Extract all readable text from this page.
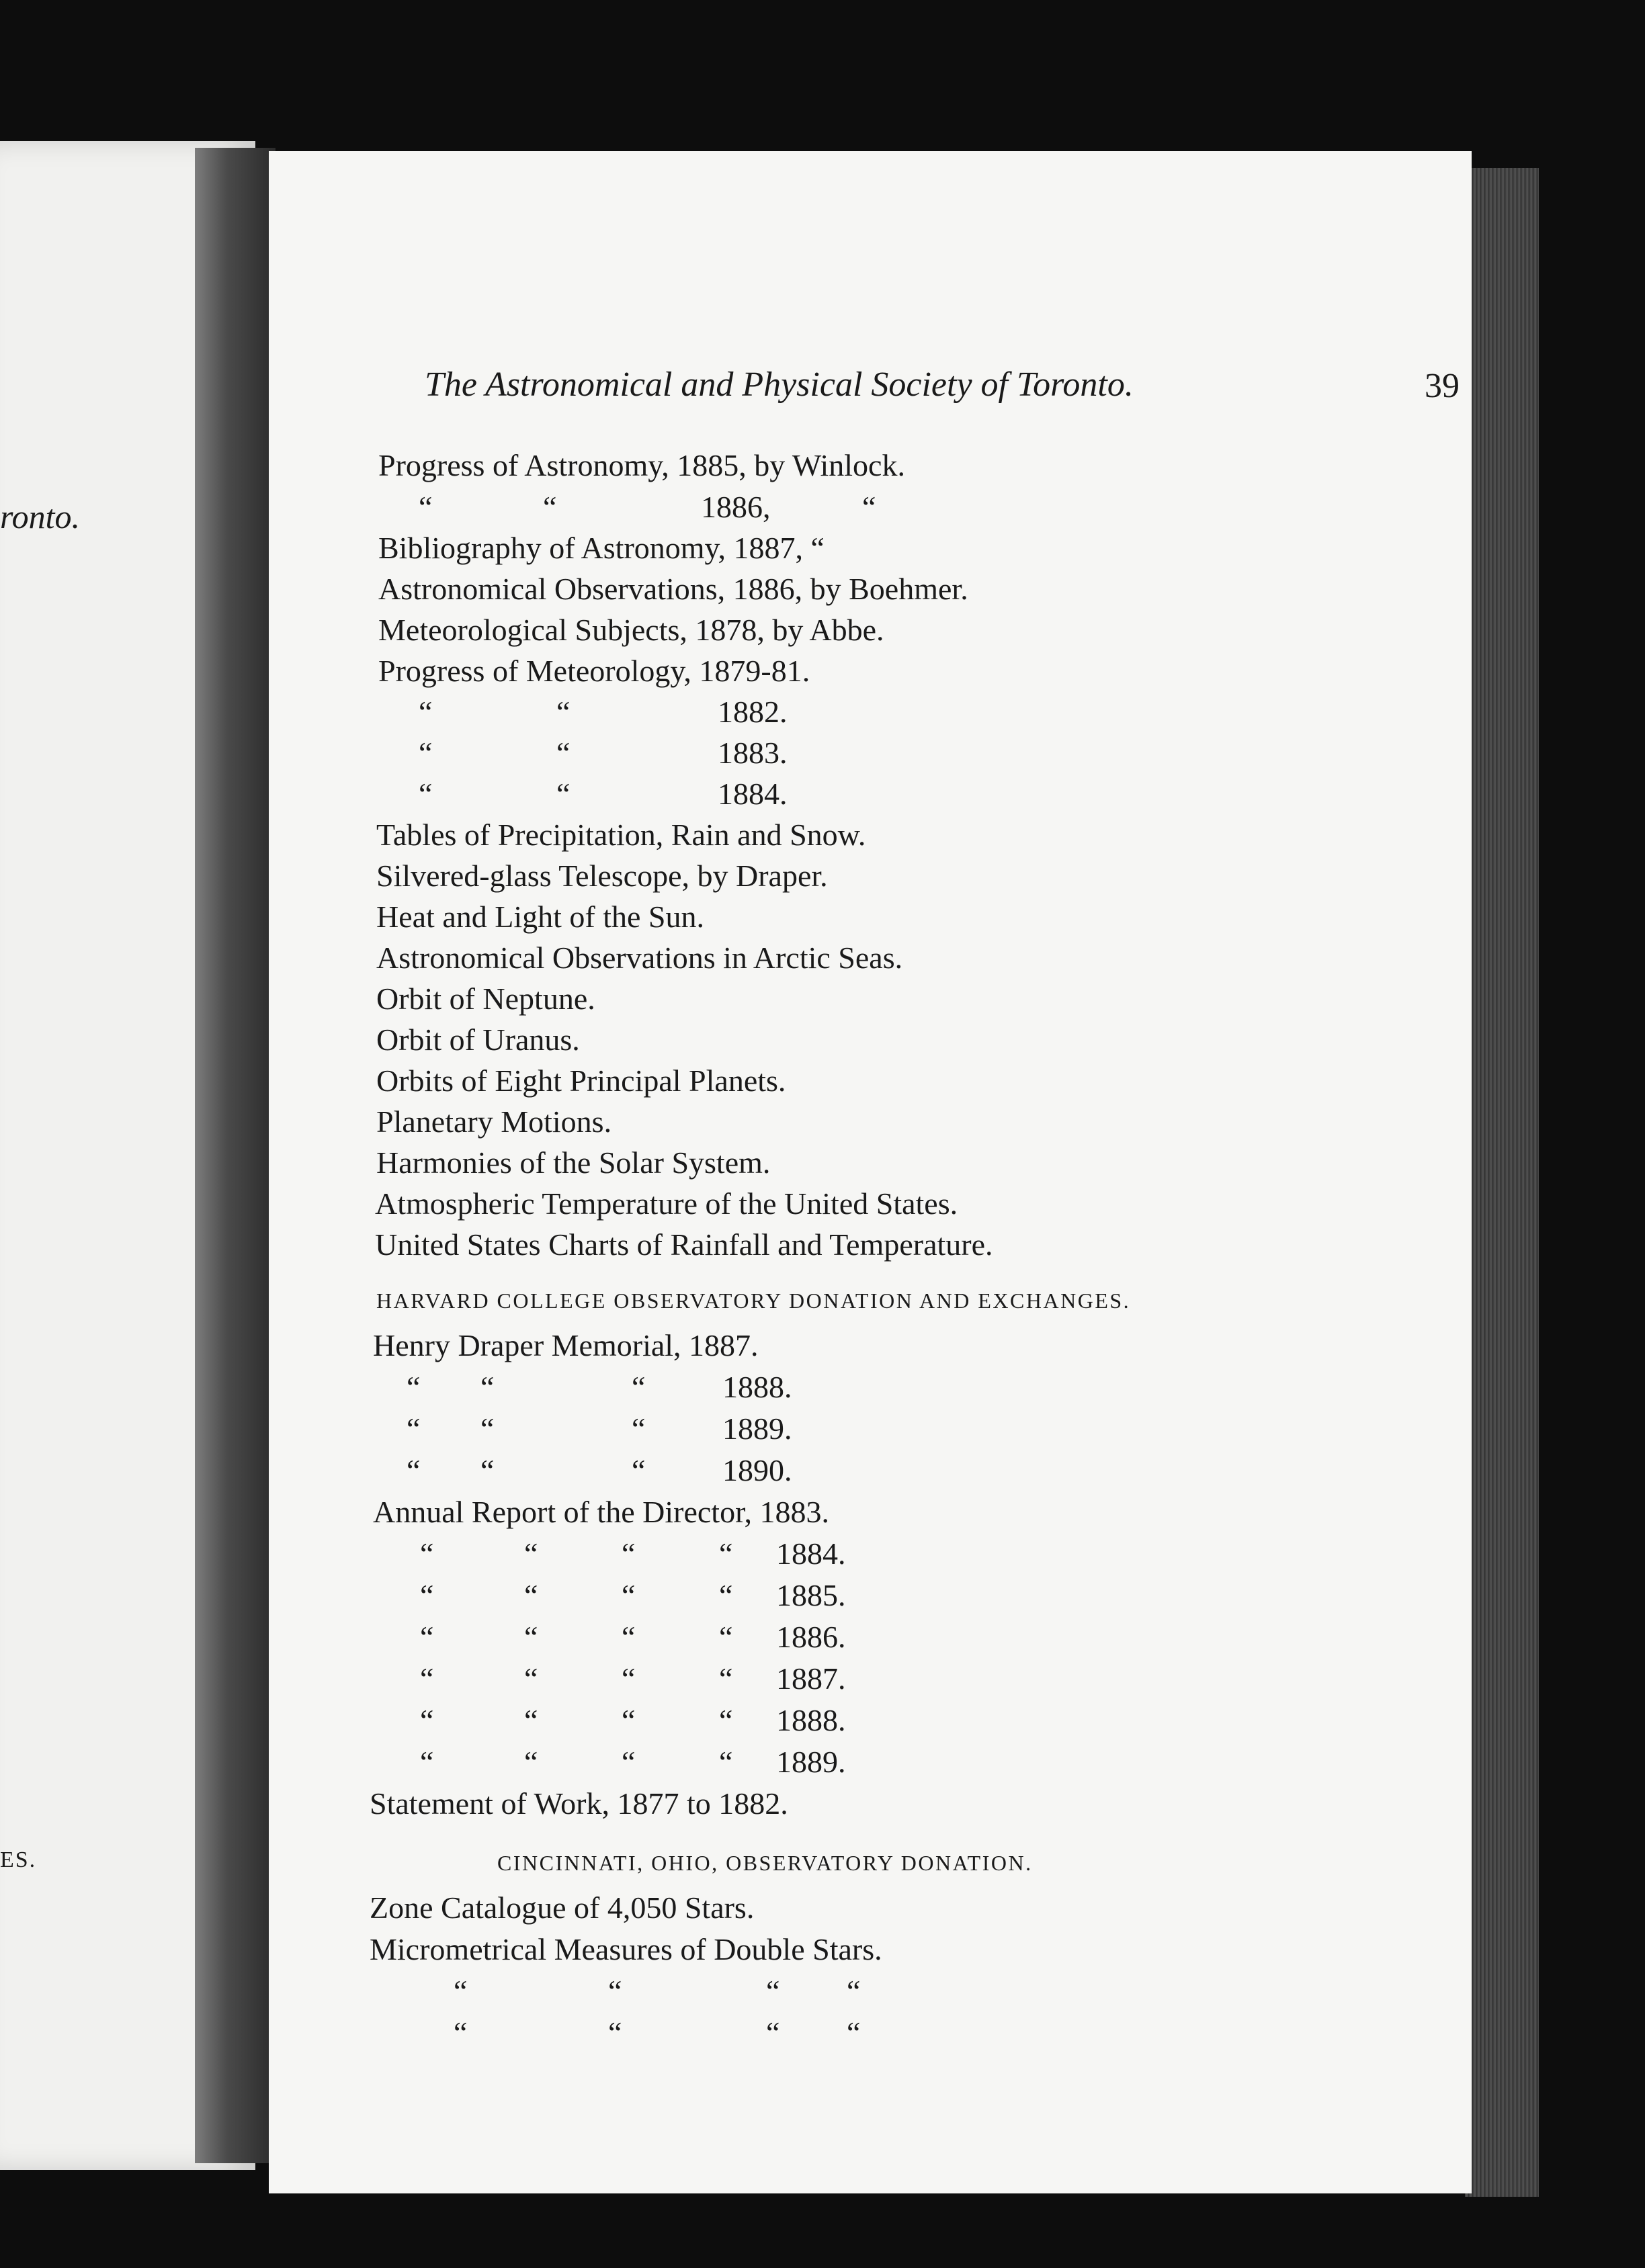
ronto.
ES.
The Astronomical and Physical Society of Toronto.	39
Progress of Astronomy, 1885, by Winlock.
“	“	1886,	“
Bibliography of Astronomy, 1887, “
Astronomical Observations, 1886, by Boehmer.
Meteorological Subjects, 1878, by Abbe.
Progress of Meteorology, 1879-81.
“	“	1882.
“	“	1883.
“	“	1884.
Tables of Precipitation, Rain and Snow.
Silvered-glass Telescope, by Draper.
Heat and Light of the Sun.
Astronomical Observations in Arctic Seas.
Orbit of Neptune.
Orbit of Uranus.
Orbits of Eight Principal Planets.
Planetary Motions.
Harmonies of the Solar System.
Atmospheric Temperature of the United States.
United States Charts of Rainfall and Temperature.
HARVARD COLLEGE OBSERVATORY DONATION AND EXCHANGES.
Henry Draper Memorial, 1887.
“ “	“ 1888.
“ “	“ 1889.
“ “	“ 1890.
Annual Report of the Director, 1883.
“	“	“	“ 1884.
“	“	“	“ 1885.
“	“	“	“ 1886.
“	“	“	“ 1887.
“	“	“	“ 1888.
“	“	“	“ 1889.
Statement of Work, 1877 to 1882.
CINCINNATI, OHIO, OBSERVATORY DONATION.
Zone Catalogue of 4,050 Stars.
Micrometrical Measures of Double Stars.
“	“	“ “
“	“	“ “
